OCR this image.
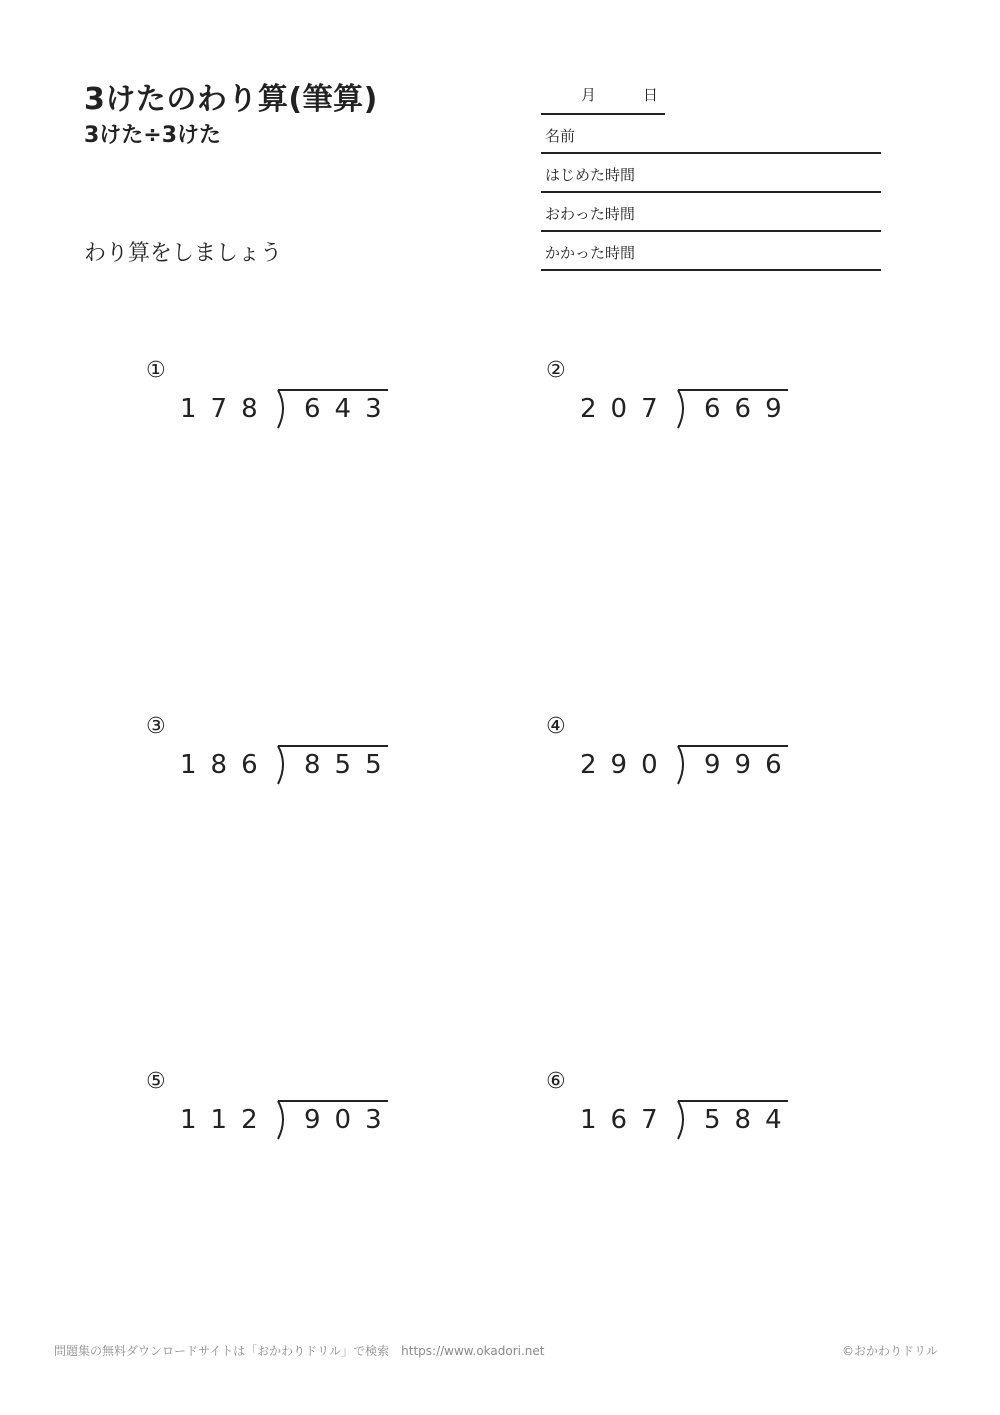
3けたのわり算(筆算)
3けた÷3けた
わり算をしましょう
月	日
名前
はじめた時間
おわった時間
かかった時間
①
178 643
②
207 669
③
186 855
④
290 996
⑤
112 903
⑥
167 584
問題集の無料ダウンロードサイトは「おかわりドリル」で検索　https://www.okadori.net	©おかわりドリル
